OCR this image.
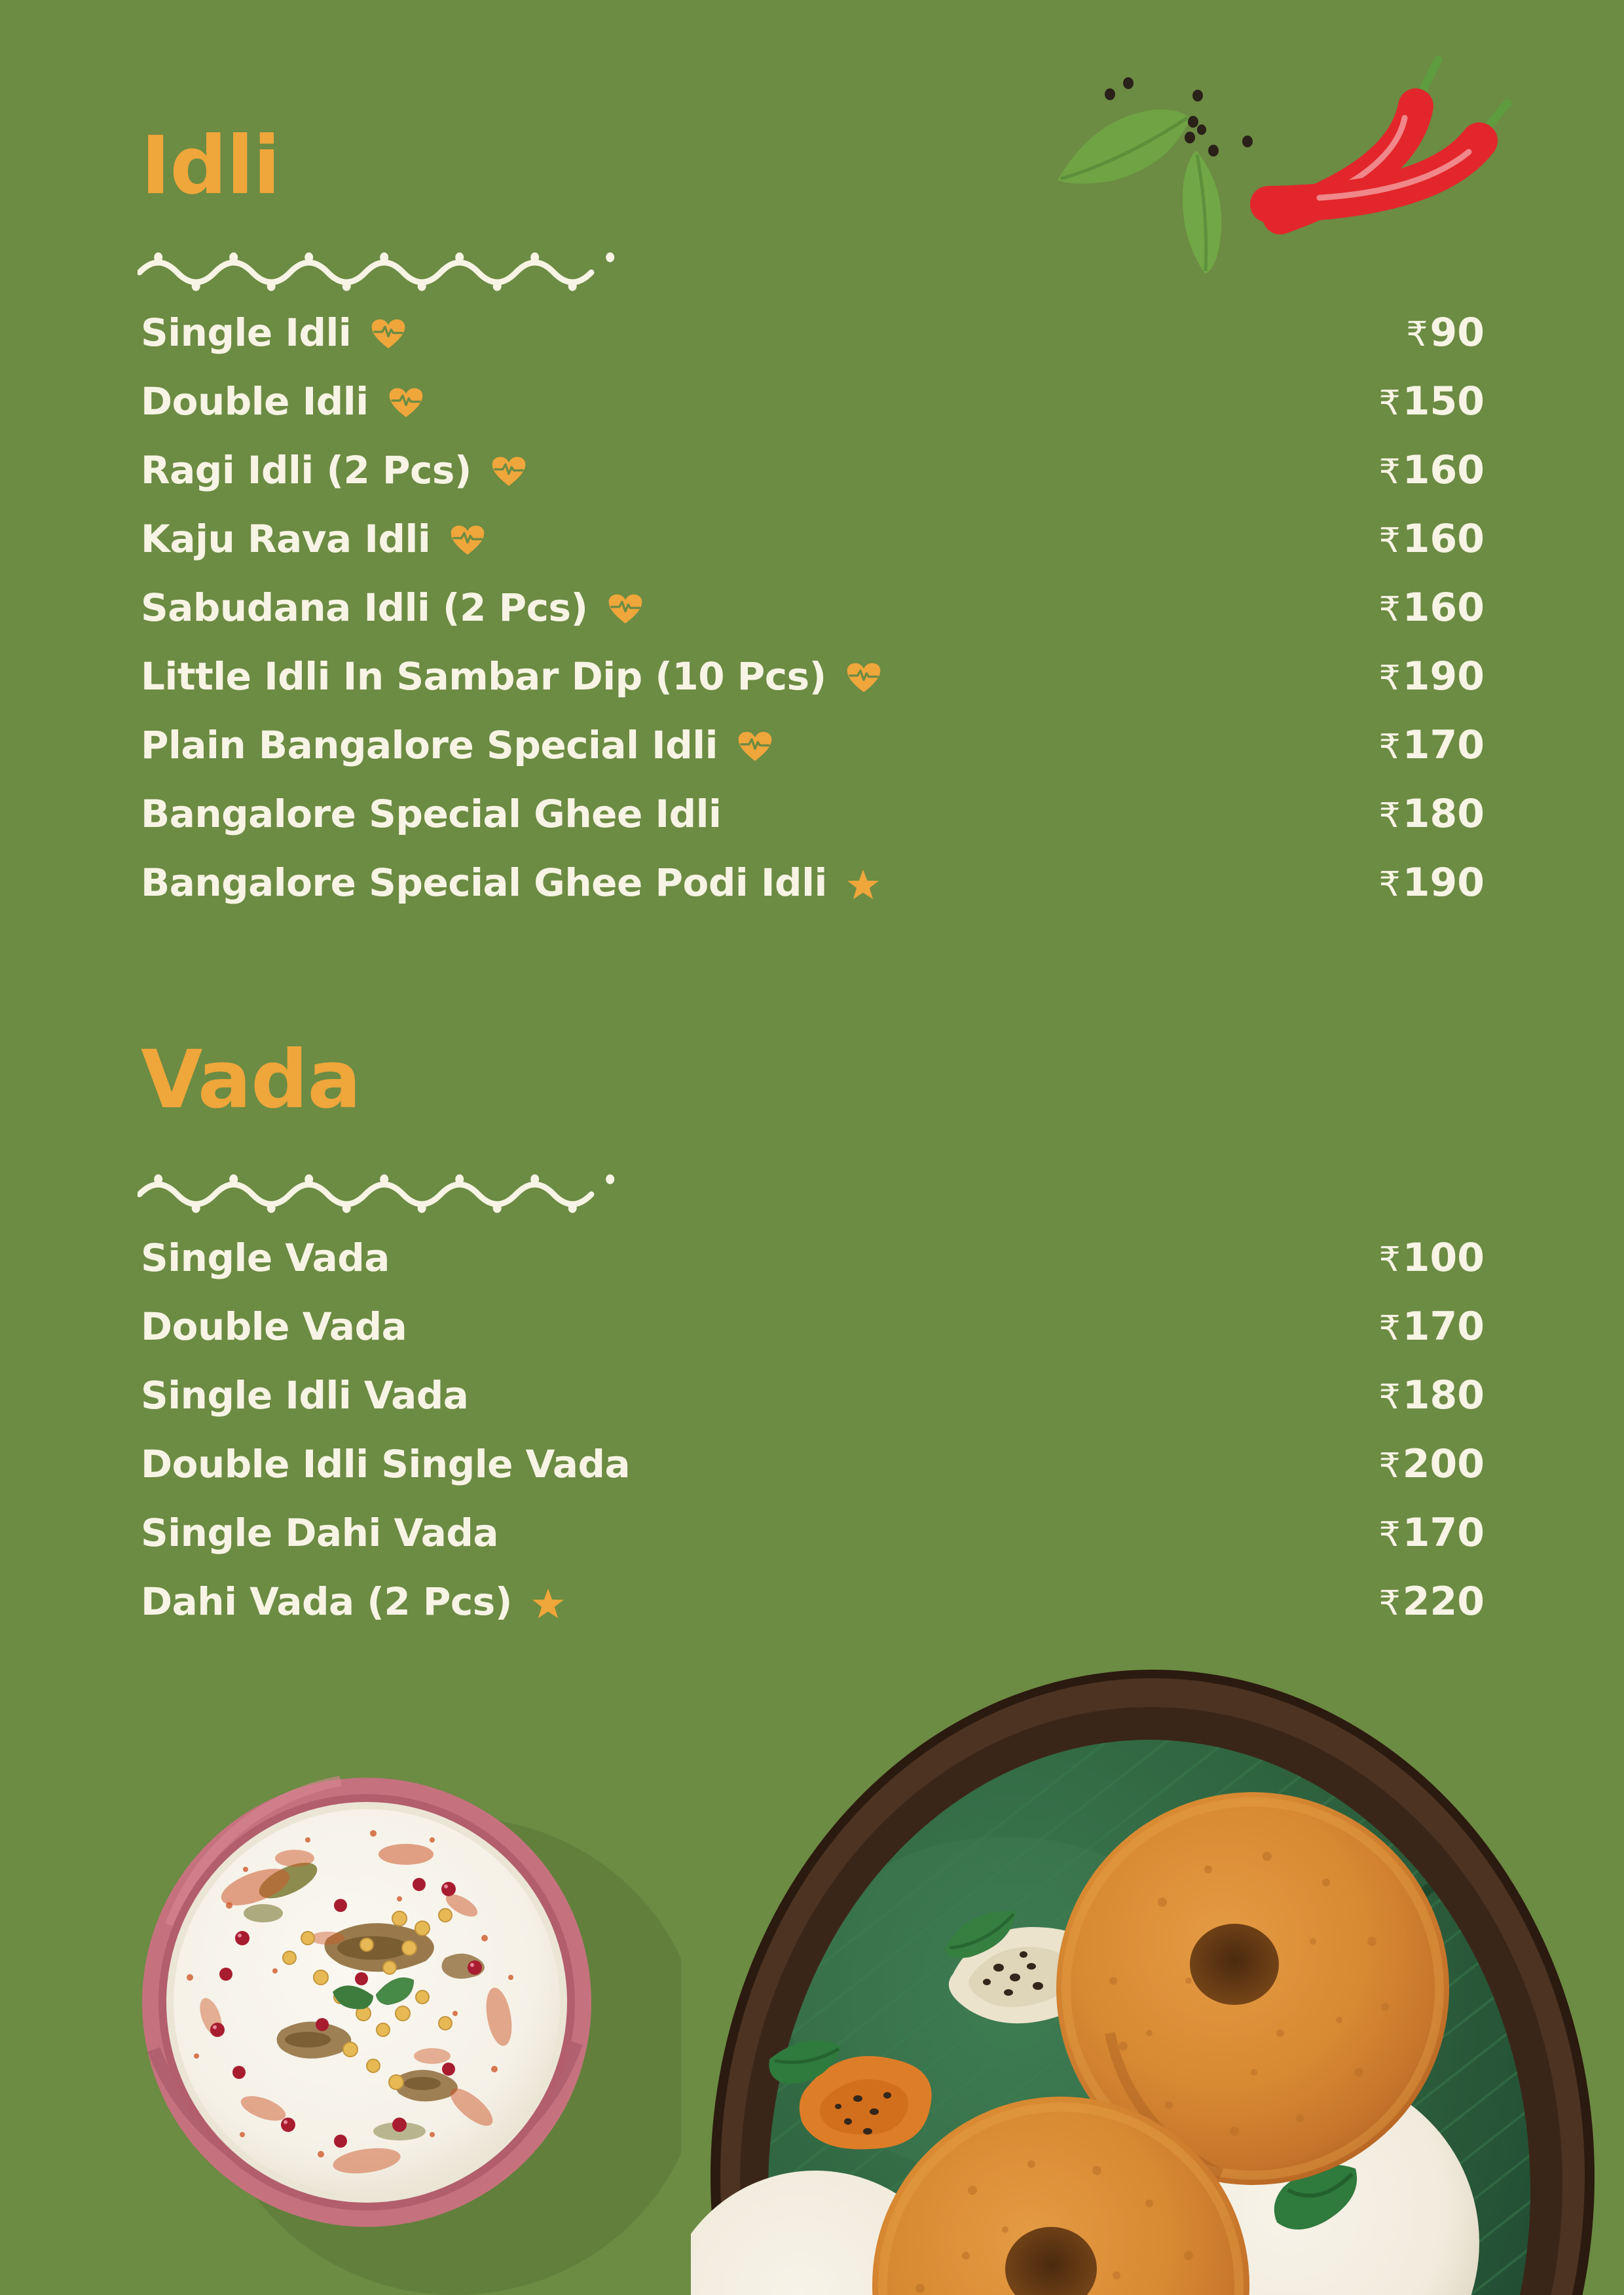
Idli
Single Idli	₹ 90
Double Idli	₹ 150
Ragi Idli (2 Pcs)	₹ 160
Kaju Rava Idli	₹ 160
Sabudana Idli (2 Pcs)	₹ 160
Little Idli In Sambar Dip (10 Pcs)	₹ 190
Plain Bangalore Special Idli	₹ 170
Bangalore Special Ghee Idli	₹ 180
Bangalore Special Ghee Podi Idli	₹ 190
Vada
Single Vada	₹ 100
Double Vada	₹ 170
Single Idli Vada	₹ 180
Double Idli Single Vada	₹ 200
Single Dahi Vada	₹ 170
Dahi Vada (2 Pcs)	₹ 220
